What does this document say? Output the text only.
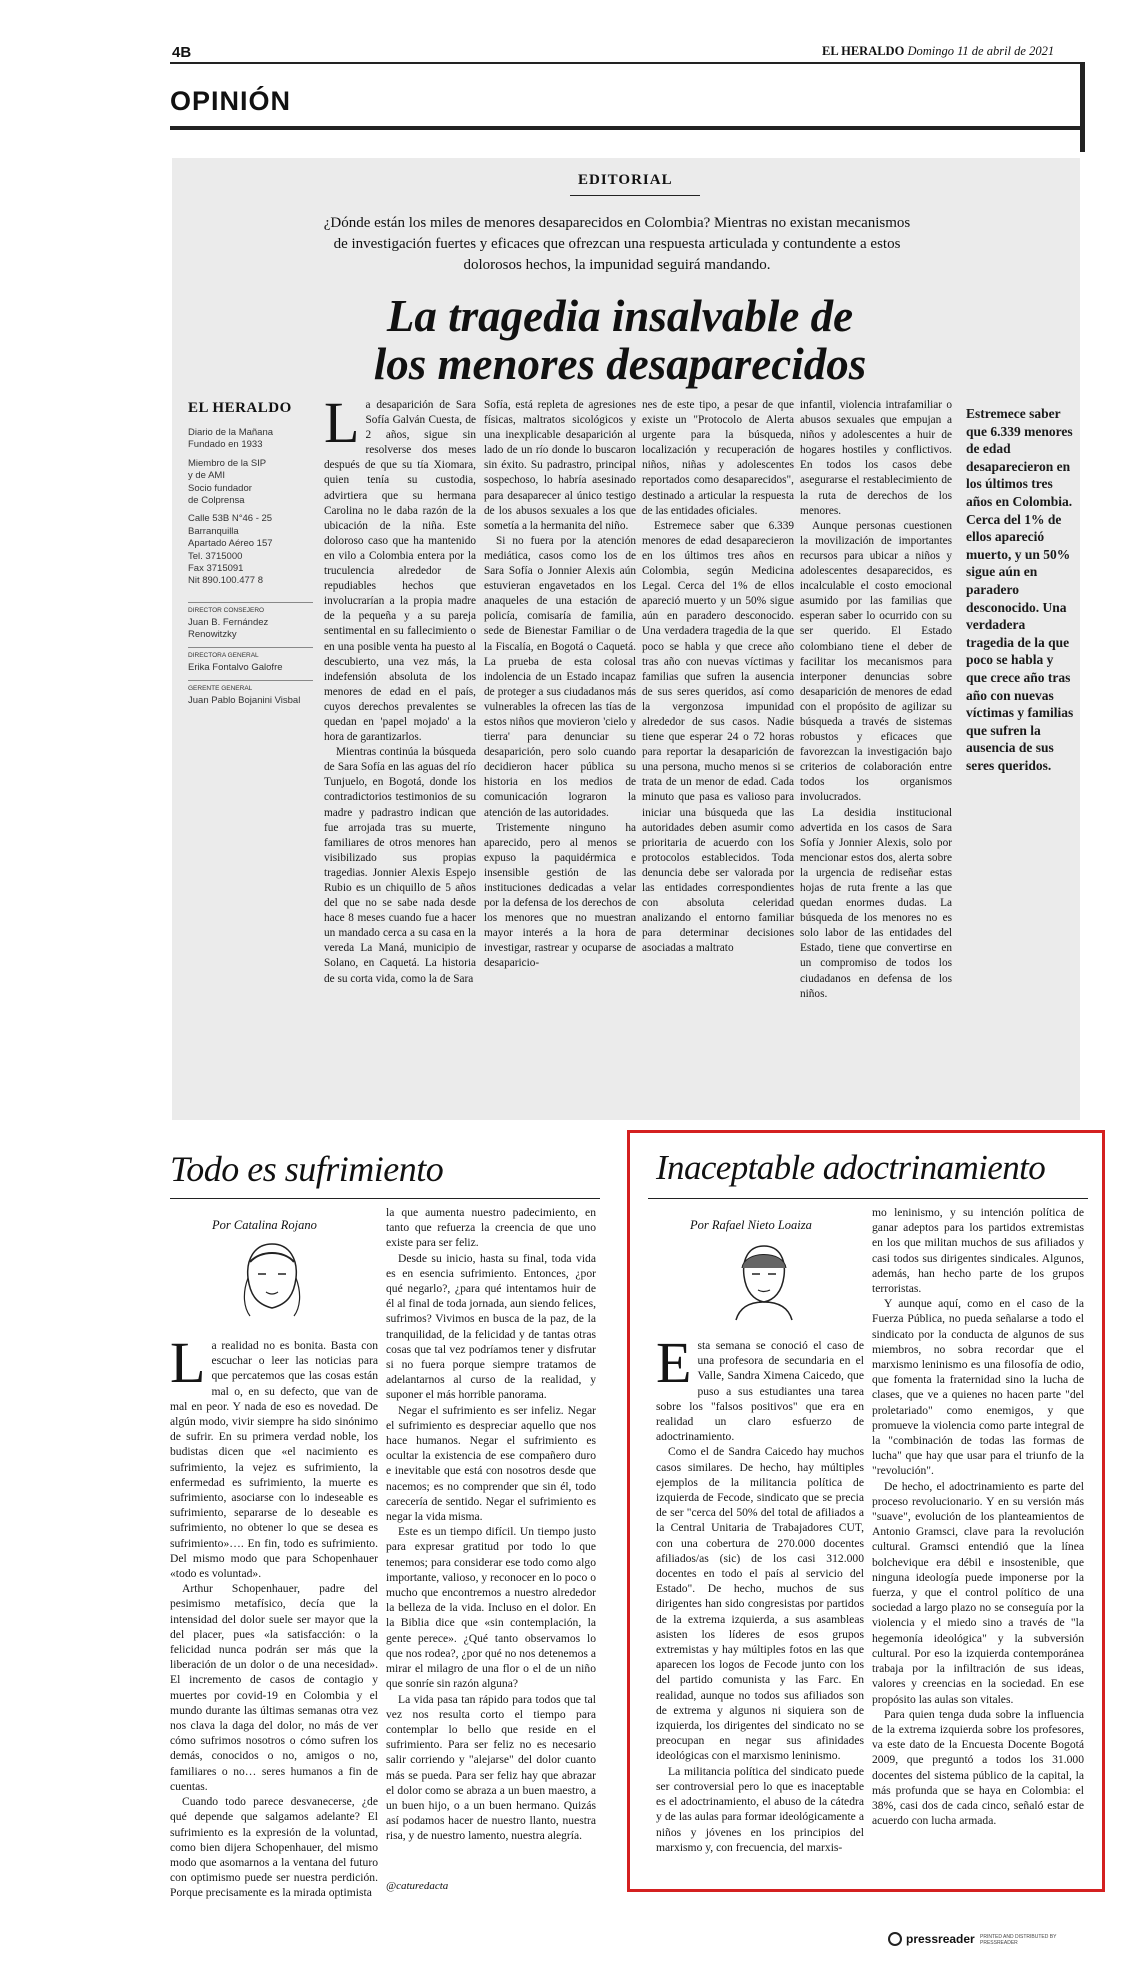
4B	EL HERALDO Domingo 11 de abril de 2021
OPINIÓN
EDITORIAL
¿Dónde están los miles de menores desaparecidos en Colombia? Mientras no existan mecanismos de investigación fuertes y eficaces que ofrezcan una respuesta articulada y contundente a estos dolorosos hechos, la impunidad seguirá mandando.
La tragedia insalvable de
los menores desaparecidos
EL HERALDO
Diario de la Mañana
Fundado en 1933

Miembro de la SIP
y de AMI
Socio fundador
de Colprensa

Calle 53B N°46 - 25
Barranquilla
Apartado Aéreo 157
Tel. 3715000
Fax 3715091
Nit 890.100.477 8
DIRECTOR CONSEJERO
Juan B. Fernández Renowitzky
DIRECTORA GENERAL
Erika Fontalvo Galofre
GERENTE GENERAL
Juan Pablo Bojanini Visbal
La desaparición de Sara Sofía Galván Cuesta, de 2 años, sigue sin resolverse dos meses después de que su tía Xiomara, quien tenía su custodia, advirtiera que su hermana Carolina no le daba razón de la ubicación de la niña. Este doloroso caso que ha mantenido en vilo a Colombia entera por la truculencia alrededor de repudiables hechos que involucrarían a la propia madre de la pequeña y a su pareja sentimental en su fallecimiento o en una posible venta ha puesto al descubierto, una vez más, la indefensión absoluta de los menores de edad en el país, cuyos derechos prevalentes se quedan en 'papel mojado' a la hora de garantizarlos.

Mientras continúa la búsqueda de Sara Sofía en las aguas del río Tunjuelo, en Bogotá, donde los contradictorios testimonios de su madre y padrastro indican que fue arrojada tras su muerte, familiares de otros menores han visibilizado sus propias tragedias. Jonnier Alexis Espejo Rubio es un chiquillo de 5 años del que no se sabe nada desde hace 8 meses cuando fue a hacer un mandado cerca a su casa en la vereda La Maná, municipio de Solano, en Caquetá. La historia de su corta vida, como la de Sara

Sofía, está repleta de agresiones físicas, maltratos sicológicos y una inexplicable desaparición al lado de un río donde lo buscaron sin éxito. Su padrastro, principal sospechoso, lo habría asesinado para desaparecer al único testigo de los abusos sexuales a los que sometía a la hermanita del niño.

Si no fuera por la atención mediática, casos como los de Sara Sofía o Jonnier Alexis aún estuvieran engavetados en los anaqueles de una estación de policía, comisaría de familia, sede de Bienestar Familiar o de la Fiscalía, en Bogotá o Caquetá. La prueba de esta colosal indolencia de un Estado incapaz de proteger a sus ciudadanos más vulnerables la ofrecen las tías de estos niños que movieron 'cielo y tierra' para denunciar su desaparición, pero solo cuando decidieron hacer pública su historia en los medios de comunicación lograron la atención de las autoridades.

Tristemente ninguno ha aparecido, pero al menos se expuso la paquidérmica e insensible gestión de las instituciones dedicadas a velar por la defensa de los derechos de los menores que no muestran mayor interés a la hora de investigar, rastrear y ocuparse de desaparicio-

nes de este tipo, a pesar de que existe un "Protocolo de Alerta urgente para la búsqueda, localización y recuperación de niños, niñas y adolescentes reportados como desaparecidos", destinado a articular la respuesta de las entidades oficiales.

Estremece saber que 6.339 menores de edad desaparecieron en los últimos tres años en Colombia, según Medicina Legal. Cerca del 1% de ellos apareció muerto y un 50% sigue aún en paradero desconocido. Una verdadera tragedia de la que poco se habla y que crece año tras año con nuevas víctimas y familias que sufren la ausencia de sus seres queridos, así como la vergonzosa impunidad alrededor de sus casos. Nadie tiene que esperar 24 o 72 horas para reportar la desaparición de una persona, mucho menos si se trata de un menor de edad. Cada minuto que pasa es valioso para iniciar una búsqueda que las autoridades deben asumir como prioritaria de acuerdo con los protocolos establecidos. Toda denuncia debe ser valorada por las entidades correspondientes con absoluta celeridad analizando el entorno familiar para determinar decisiones asociadas a maltrato

infantil, violencia intrafamiliar o abusos sexuales que empujan a niños y adolescentes a huir de hogares hostiles y conflictivos. En todos los casos debe asegurarse el restablecimiento de la ruta de derechos de los menores.

Aunque personas cuestionen la movilización de importantes recursos para ubicar a niños y adolescentes desaparecidos, es incalculable el costo emocional asumido por las familias que esperan saber lo ocurrido con su ser querido. El Estado colombiano tiene el deber de facilitar los mecanismos para interponer denuncias sobre desaparición de menores de edad con el propósito de agilizar su búsqueda a través de sistemas robustos y eficaces que favorezcan la investigación bajo criterios de colaboración entre todos los organismos involucrados.

La desidia institucional advertida en los casos de Sara Sofía y Jonnier Alexis, solo por mencionar estos dos, alerta sobre la urgencia de rediseñar estas hojas de ruta frente a las que quedan enormes dudas. La búsqueda de los menores no es solo labor de las entidades del Estado, tiene que convertirse en un compromiso de todos los ciudadanos en defensa de los niños.

Estremece saber que 6.339 menores de edad desaparecieron en los últimos tres años en Colombia. Cerca del 1% de ellos apareció muerto, y un 50% sigue aún en paradero desconocido. Una verdadera tragedia de la que poco se habla y que crece año tras año con nuevas víctimas y familias que sufren la ausencia de sus seres queridos.
Todo es sufrimiento
Por Catalina Rojano
La realidad no es bonita. Basta con escuchar o leer las noticias para que percatemos que las cosas están mal o, en su defecto, que van de mal en peor. Y nada de eso es novedad. De algún modo, vivir siempre ha sido sinónimo de sufrir. En su primera verdad noble, los budistas dicen que «el nacimiento es sufrimiento, la vejez es sufrimiento, la enfermedad es sufrimiento, la muerte es sufrimiento, asociarse con lo indeseable es sufrimiento, separarse de lo deseable es sufrimiento, no obtener lo que se desea es sufrimiento»…. En fin, todo es sufrimiento. Del mismo modo que para Schopenhauer «todo es voluntad».

Arthur Schopenhauer, padre del pesimismo metafísico, decía que la intensidad del dolor suele ser mayor que la del placer, pues «la satisfacción: o la felicidad nunca podrán ser más que la liberación de un dolor o de una necesidad». El incremento de casos de contagio y muertes por covid-19 en Colombia y el mundo durante las últimas semanas otra vez nos clava la daga del dolor, no más de ver cómo sufrimos nosotros o cómo sufren los demás, conocidos o no, amigos o no, familiares o no… seres humanos a fin de cuentas.

Cuando todo parece desvanecerse, ¿de qué depende que salgamos adelante? El sufrimiento es la expresión de la voluntad, como bien dijera Schopenhauer, del mismo modo que asomarnos a la ventana del futuro con optimismo puede ser nuestra perdición. Porque precisamente es la mirada optimista

la que aumenta nuestro padecimiento, en tanto que refuerza la creencia de que uno existe para ser feliz.

Desde su inicio, hasta su final, toda vida es en esencia sufrimiento. Entonces, ¿por qué negarlo?, ¿para qué intentamos huir de él al final de toda jornada, aun siendo felices, sufrimos? Vivimos en busca de la paz, de la tranquilidad, de la felicidad y de tantas otras cosas que tal vez podríamos tener y disfrutar si no fuera porque siempre tratamos de adelantarnos al curso de la realidad, y suponer el más horrible panorama.

Negar el sufrimiento es ser infeliz. Negar el sufrimiento es despreciar aquello que nos hace humanos. Negar el sufrimiento es ocultar la existencia de ese compañero duro e inevitable que está con nosotros desde que nacemos; es no comprender que sin él, todo carecería de sentido. Negar el sufrimiento es negar la vida misma.

Este es un tiempo difícil. Un tiempo justo para expresar gratitud por todo lo que tenemos; para considerar ese todo como algo importante, valioso, y reconocer en lo poco o mucho que encontremos a nuestro alrededor la belleza de la vida. Incluso en el dolor. En la Biblia dice que «sin contemplación, la gente perece». ¿Qué tanto observamos lo que nos rodea?, ¿por qué no nos detenemos a mirar el milagro de una flor o el de un niño que sonríe sin razón alguna?

La vida pasa tan rápido para todos que tal vez nos resulta corto el tiempo para contemplar lo bello que reside en el sufrimiento. Para ser feliz no es necesario salir corriendo y "alejarse" del dolor cuanto más se pueda. Para ser feliz hay que abrazar el dolor como se abraza a un buen maestro, a un buen hijo, o a un buen hermano. Quizás así podamos hacer de nuestro llanto, nuestra risa, y de nuestro lamento, nuestra alegría.

@caturedacta
Inaceptable adoctrinamiento
Por Rafael Nieto Loaiza
Esta semana se conoció el caso de una profesora de secundaria en el Valle, Sandra Ximena Caicedo, que puso a sus estudiantes una tarea sobre los "falsos positivos" que era en realidad un claro esfuerzo de adoctrinamiento.

Como el de Sandra Caicedo hay muchos casos similares. De hecho, hay múltiples ejemplos de la militancia política de izquierda de Fecode, sindicato que se precia de ser "cerca del 50% del total de afiliados a la Central Unitaria de Trabajadores CUT, con una cobertura de 270.000 docentes afiliados/as (sic) de los casi 312.000 docentes en todo el país al servicio del Estado". De hecho, muchos de sus dirigentes han sido congresistas por partidos de la extrema izquierda, a sus asambleas asisten los líderes de esos grupos extremistas y hay múltiples fotos en las que aparecen los logos de Fecode junto con los del partido comunista y las Farc. En realidad, aunque no todos sus afiliados son de extrema y algunos ni siquiera son de izquierda, los dirigentes del sindicato no se preocupan en negar sus afinidades ideológicas con el marxismo leninismo.

La militancia política del sindicato puede ser controversial pero lo que es inaceptable es el adoctrinamiento, el abuso de la cátedra y de las aulas para formar ideológicamente a niños y jóvenes en los principios del marxismo y, con frecuencia, del marxis-

mo leninismo, y su intención política de ganar adeptos para los partidos extremistas en los que militan muchos de sus afiliados y casi todos sus dirigentes sindicales. Algunos, además, han hecho parte de los grupos terroristas.

Y aunque aquí, como en el caso de la Fuerza Pública, no pueda señalarse a todo el sindicato por la conducta de algunos de sus miembros, no sobra recordar que el marxismo leninismo es una filosofía de odio, que fomenta la fraternidad sino la lucha de clases, que ve a quienes no hacen parte "del proletariado" como enemigos, y que promueve la violencia como parte integral de la "combinación de todas las formas de lucha" que hay que usar para el triunfo de la "revolución".

De hecho, el adoctrinamiento es parte del proceso revolucionario. Y en su versión más "suave", evolución de los planteamientos de Antonio Gramsci, clave para la revolución cultural. Gramsci entendió que la línea bolchevique era débil e insostenible, que ninguna ideología puede imponerse por la fuerza, y que el control político de una sociedad a largo plazo no se conseguía por la violencia y el miedo sino a través de "la hegemonía ideológica" y la subversión cultural. Por eso la izquierda contemporánea trabaja por la infiltración de sus ideas, valores y creencias en la sociedad. En ese propósito las aulas son vitales.

Para quien tenga duda sobre la influencia de la extrema izquierda sobre los profesores, va este dato de la Encuesta Docente Bogotá 2009, que preguntó a todos los 31.000 docentes del sistema público de la capital, la más profunda que se haya en Colombia: el 38%, casi dos de cada cinco, señaló estar de acuerdo con lucha armada.

pressreader PRINTED AND DISTRIBUTED BY PRESSREADER
